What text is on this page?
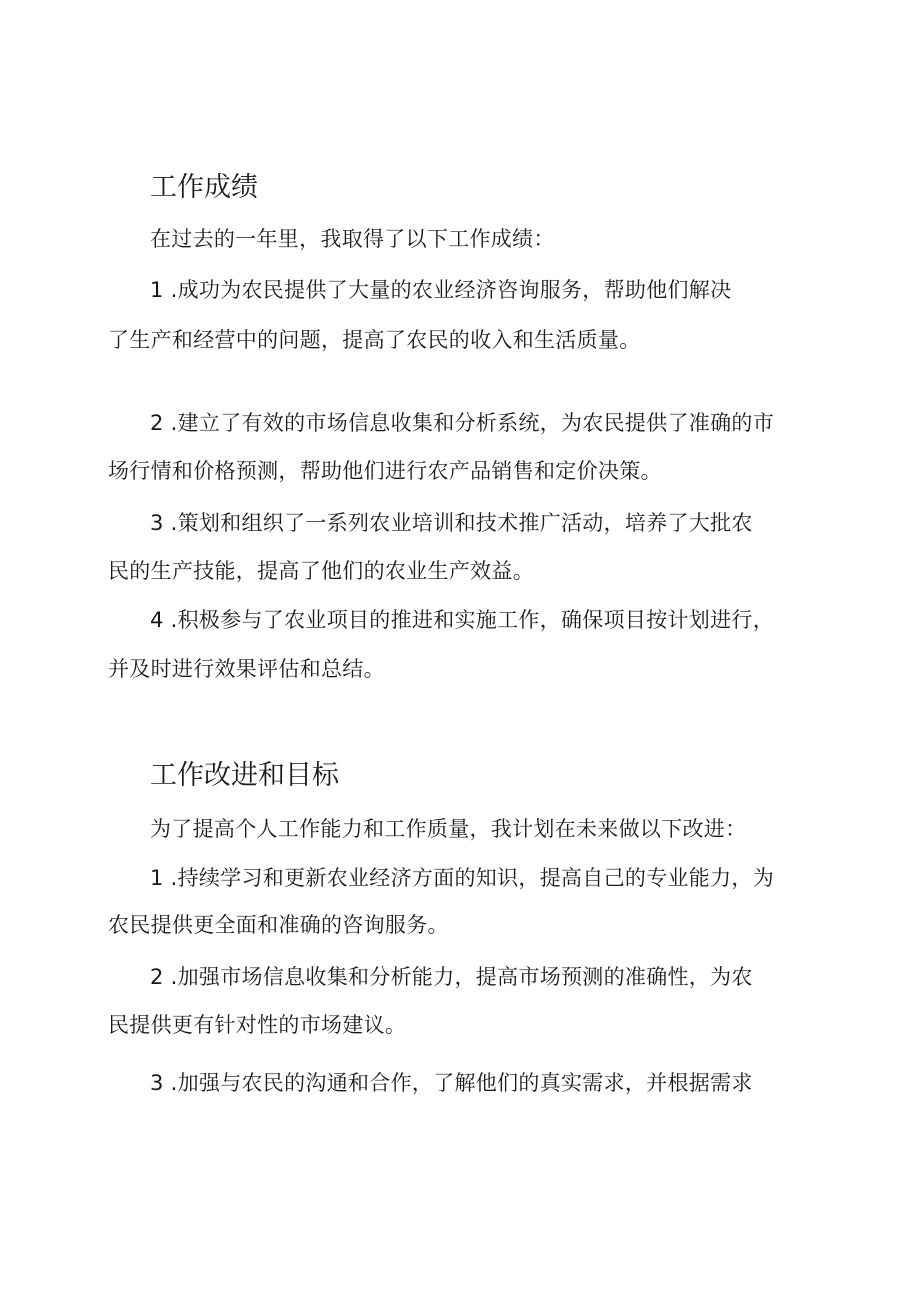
工作成绩

在过去的一年里，我取得了以下工作成绩：

1 .成功为农民提供了大量的农业经济咨询服务，帮助他们解决

了生产和经营中的问题，提高了农民的收入和生活质量。

2 .建立了有效的市场信息收集和分析系统，为农民提供了准确的市

场行情和价格预测，帮助他们进行农产品销售和定价决策。

3 .策划和组织了一系列农业培训和技术推广活动，培养了大批农

民的生产技能，提高了他们的农业生产效益。

4 .积极参与了农业项目的推进和实施工作，确保项目按计划进行，

并及时进行效果评估和总结。

工作改进和目标

为了提高个人工作能力和工作质量，我计划在未来做以下改进：

1 .持续学习和更新农业经济方面的知识，提高自己的专业能力，为

农民提供更全面和准确的咨询服务。

2 .加强市场信息收集和分析能力，提高市场预测的准确性，为农

民提供更有针对性的市场建议。

3 .加强与农民的沟通和合作，了解他们的真实需求，并根据需求
